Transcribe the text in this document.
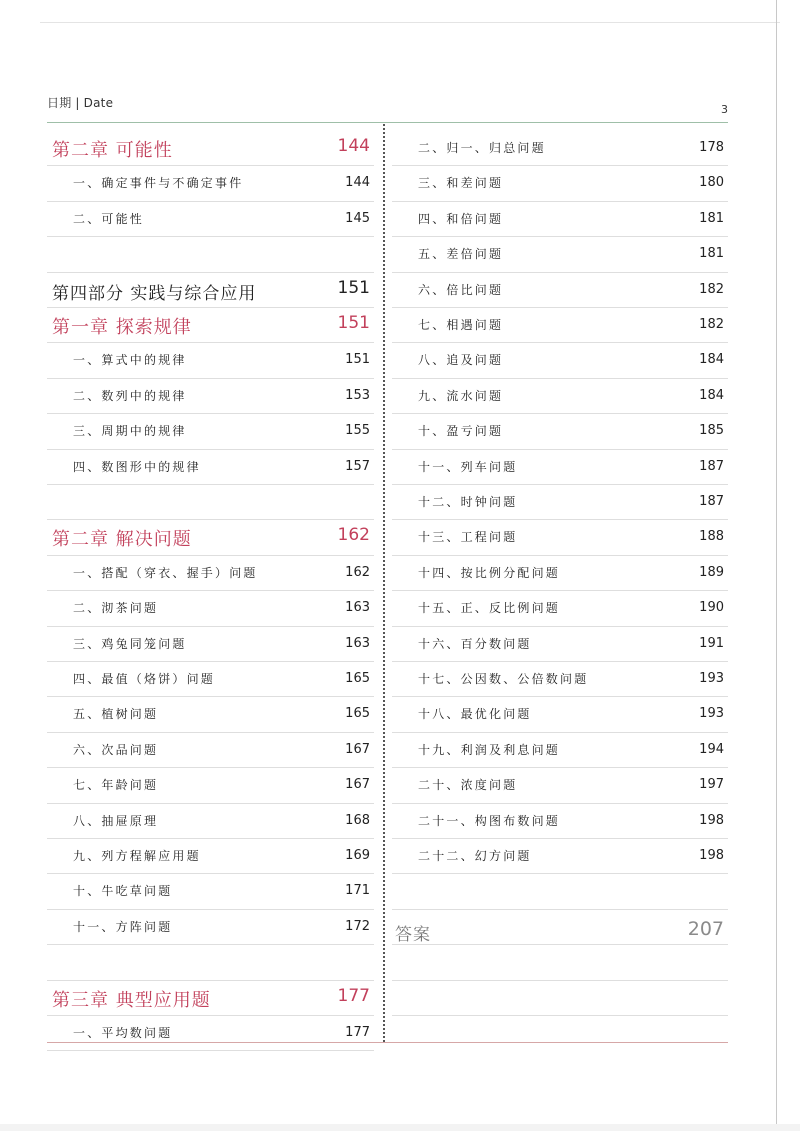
日期 | Date	3
第二章 可能性	144
一、确定事件与不确定事件	144
二、可能性	145
第四部分 实践与综合应用	151
第一章 探索规律	151
一、算式中的规律	151
二、数列中的规律	153
三、周期中的规律	155
四、数图形中的规律	157
第二章 解决问题	162
一、搭配（穿衣、握手）问题	162
二、沏茶问题	163
三、鸡兔同笼问题	163
四、最值（烙饼）问题	165
五、植树问题	165
六、次品问题	167
七、年龄问题	167
八、抽屉原理	168
九、列方程解应用题	169
十、牛吃草问题	171
十一、方阵问题	172
第三章 典型应用题	177
一、平均数问题	177
二、归一、归总问题	178
三、和差问题	180
四、和倍问题	181
五、差倍问题	181
六、倍比问题	182
七、相遇问题	182
八、追及问题	184
九、流水问题	184
十、盈亏问题	185
十一、列车问题	187
十二、时钟问题	187
十三、工程问题	188
十四、按比例分配问题	189
十五、正、反比例问题	190
十六、百分数问题	191
十七、公因数、公倍数问题	193
十八、最优化问题	193
十九、利润及利息问题	194
二十、浓度问题	197
二十一、构图布数问题	198
二十二、幻方问题	198
答案	207
